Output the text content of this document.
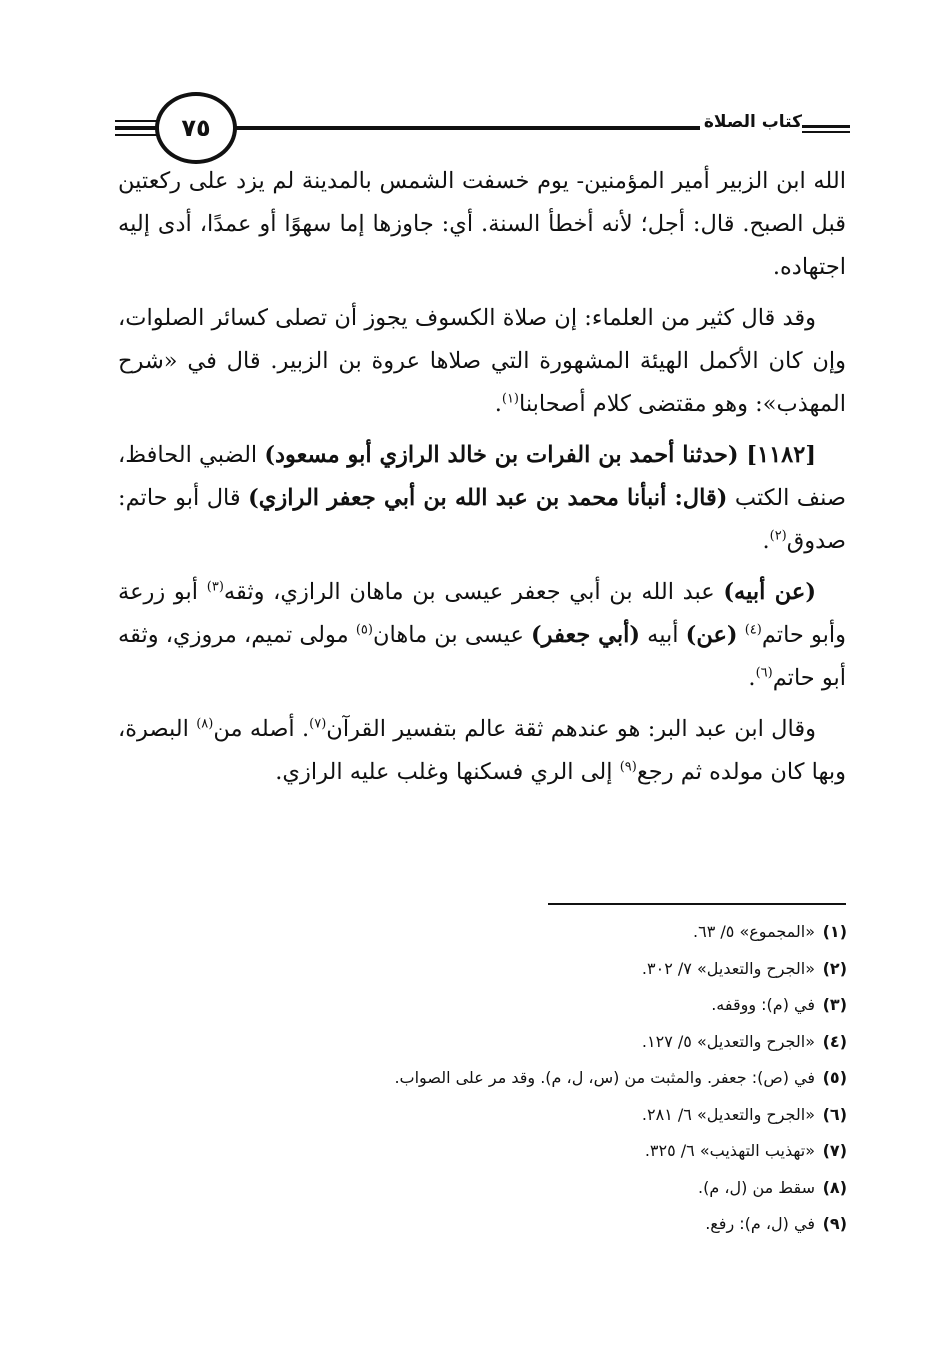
كتاب الصلاة
٧٥

الله ابن الزبير أمير المؤمنين- يوم خسفت الشمس بالمدينة لم يزد على ركعتين قبل الصبح. قال: أجل؛ لأنه أخطأ السنة. أي: جاوزها إما سهوًا أو عمدًا، أدى إليه اجتهاده.

وقد قال كثير من العلماء: إن صلاة الكسوف يجوز أن تصلى كسائر الصلوات، وإن كان الأكمل الهيئة المشهورة التي صلاها عروة بن الزبير. قال في «شرح المهذب»: وهو مقتضى كلام أصحابنا$^{(١)}$.

[١١٨٢] (حدثنا أحمد بن الفرات بن خالد الرازي أبو مسعود) الضبي الحافظ، صنف الكتب (قال: أنبأنا محمد بن عبد الله بن أبي جعفر الرازي) قال أبو حاتم: صدوق$^{(٢)}$.

(عن أبيه) عبد الله بن أبي جعفر عيسى بن ماهان الرازي، وثقه$^{(٣)}$ أبو زرعة وأبو حاتم$^{(٤)}$ (عن) أبيه (أبي جعفر) عيسى بن ماهان$^{(٥)}$ مولى تميم، مروزي، وثقه أبو حاتم$^{(٦)}$.

وقال ابن عبد البر: هو عندهم ثقة عالم بتفسير القرآن$^{(٧)}$. أصله من$^{(٨)}$ البصرة، وبها كان مولده ثم رجع$^{(٩)}$ إلى الري فسكنها وغلب عليه الرازي.

(١)
«المجموع» ٥/ ٦٣.
(٢)
«الجرح والتعديل» ٧/ ٣٠٢.
(٣)
في (م): ووقفه.
(٤)
«الجرح والتعديل» ٥/ ١٢٧.
(٥)
في (ص): جعفر. والمثبت من (س، ل، م). وقد مر على الصواب.
(٦)
«الجرح والتعديل» ٦/ ٢٨١.
(٧)
«تهذيب التهذيب» ٦/ ٣٢٥.
(٨)
سقط من (ل، م).
(٩)
في (ل، م): رفع.
